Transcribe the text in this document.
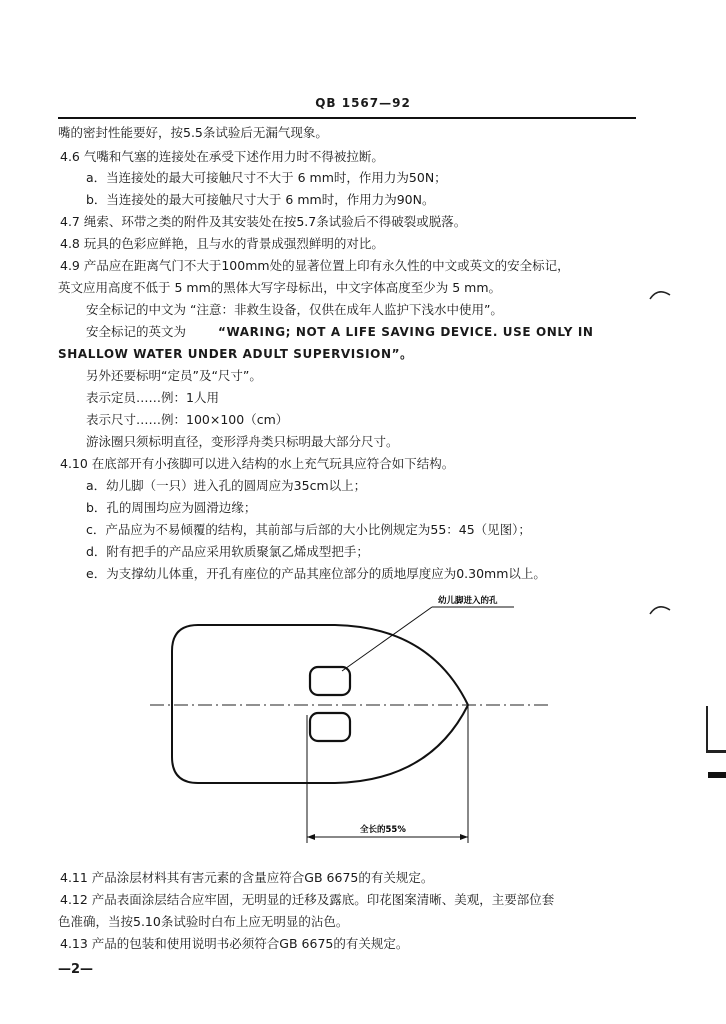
QB 1567—92
嘴的密封性能要好，按5.5条试验后无漏气现象。
4.6 气嘴和气塞的连接处在承受下述作用力时不得被拉断。
a．当连接处的最大可接触尺寸不大于 6 mm时，作用力为50N；
b．当连接处的最大可接触尺寸大于 6 mm时，作用力为90N。
4.7 绳索、环带之类的附件及其安装处在按5.7条试验后不得破裂或脱落。
4.8 玩具的色彩应鲜艳，且与水的背景成强烈鲜明的对比。
4.9 产品应在距离气门不大于100mm处的显著位置上印有永久性的中文或英文的安全标记，
英文应用高度不低于 5 mm的黑体大写字母标出，中文字体高度至少为 5 mm。
安全标记的中文为 “注意：非救生设备，仅供在成年人监护下浅水中使用”。
安全标记的英文为	“WARING; NOT A LIFE SAVING DEVICE. USE ONLY IN
SHALLOW WATER UNDER ADULT SUPERVISION”。
另外还要标明“定员”及“尺寸”。
表示定员……例：1人用
表示尺寸……例：100×100（cm）
游泳圈只须标明直径，变形浮舟类只标明最大部分尺寸。
4.10 在底部开有小孩脚可以进入结构的水上充气玩具应符合如下结构。
a．幼儿脚（一只）进入孔的圆周应为35cm以上；
b．孔的周围均应为圆滑边缘；
c．产品应为不易倾覆的结构，其前部与后部的大小比例规定为55：45（见图）；
d．附有把手的产品应采用软质聚氯乙烯成型把手；
e．为支撑幼儿体重，开孔有座位的产品其座位部分的质地厚度应为0.30mm以上。
幼儿脚进入的孔
全长的55%
4.11 产品涂层材料其有害元素的含量应符合GB 6675的有关规定。
4.12 产品表面涂层结合应牢固，无明显的迁移及露底。印花图案清晰、美观，主要部位套
色准确，当按5.10条试验时白布上应无明显的沾色。
4.13 产品的包装和使用说明书必须符合GB 6675的有关规定。
—2—
